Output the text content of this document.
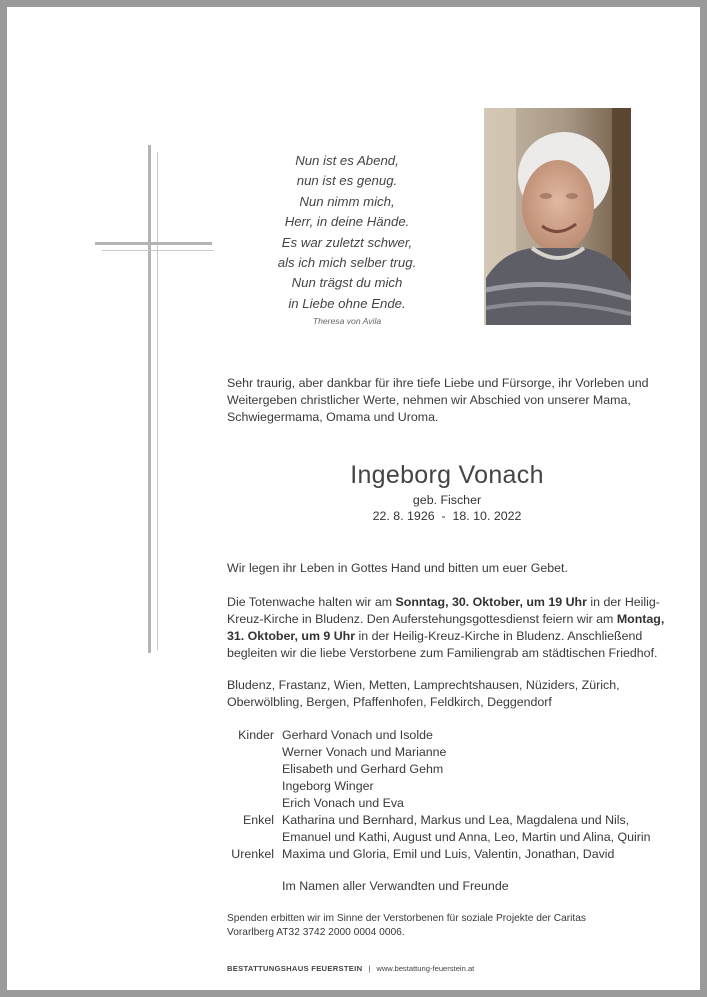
Nun ist es Abend,
nun ist es genug.
Nun nimm mich,
Herr, in deine Hände.
Es war zuletzt schwer,
als ich mich selber trug.
Nun trägst du mich
in Liebe ohne Ende.
Theresa von Avila
Sehr traurig, aber dankbar für ihre tiefe Liebe und Fürsorge, ihr Vorleben und Weitergeben christlicher Werte, nehmen wir Abschied von unserer Mama, Schwiegermama, Omama und Uroma.
Ingeborg Vonach
geb. Fischer
22. 8. 1926  -  18. 10. 2022
Wir legen ihr Leben in Gottes Hand und bitten um euer Gebet.
Die Totenwache halten wir am Sonntag, 30. Oktober, um 19 Uhr in der Heilig-Kreuz-Kirche in Bludenz. Den Auferstehungsgottesdienst feiern wir am Montag, 31. Oktober, um 9 Uhr in der Heilig-Kreuz-Kirche in Bludenz. Anschließend begleiten wir die liebe Verstorbene zum Familiengrab am städtischen Friedhof.
Bludenz, Frastanz, Wien, Metten, Lamprechtshausen, Nüziders, Zürich, Oberwölbling, Bergen, Pfaffenhofen, Feldkirch, Deggendorf
Kinder Gerhard Vonach und Isolde
Werner Vonach und Marianne
Elisabeth und Gerhard Gehm
Ingeborg Winger
Erich Vonach und Eva
Enkel Katharina und Bernhard, Markus und Lea, Magdalena und Nils,
Emanuel und Kathi, August und Anna, Leo, Martin und Alina, Quirin
Urenkel Maxima und Gloria, Emil und Luis, Valentin, Jonathan, David
Im Namen aller Verwandten und Freunde
Spenden erbitten wir im Sinne der Verstorbenen für soziale Projekte der Caritas Vorarlberg AT32 3742 2000 0004 0006.
BESTATTUNGSHAUS FEUERSTEIN | www.bestattung-feuerstein.at
